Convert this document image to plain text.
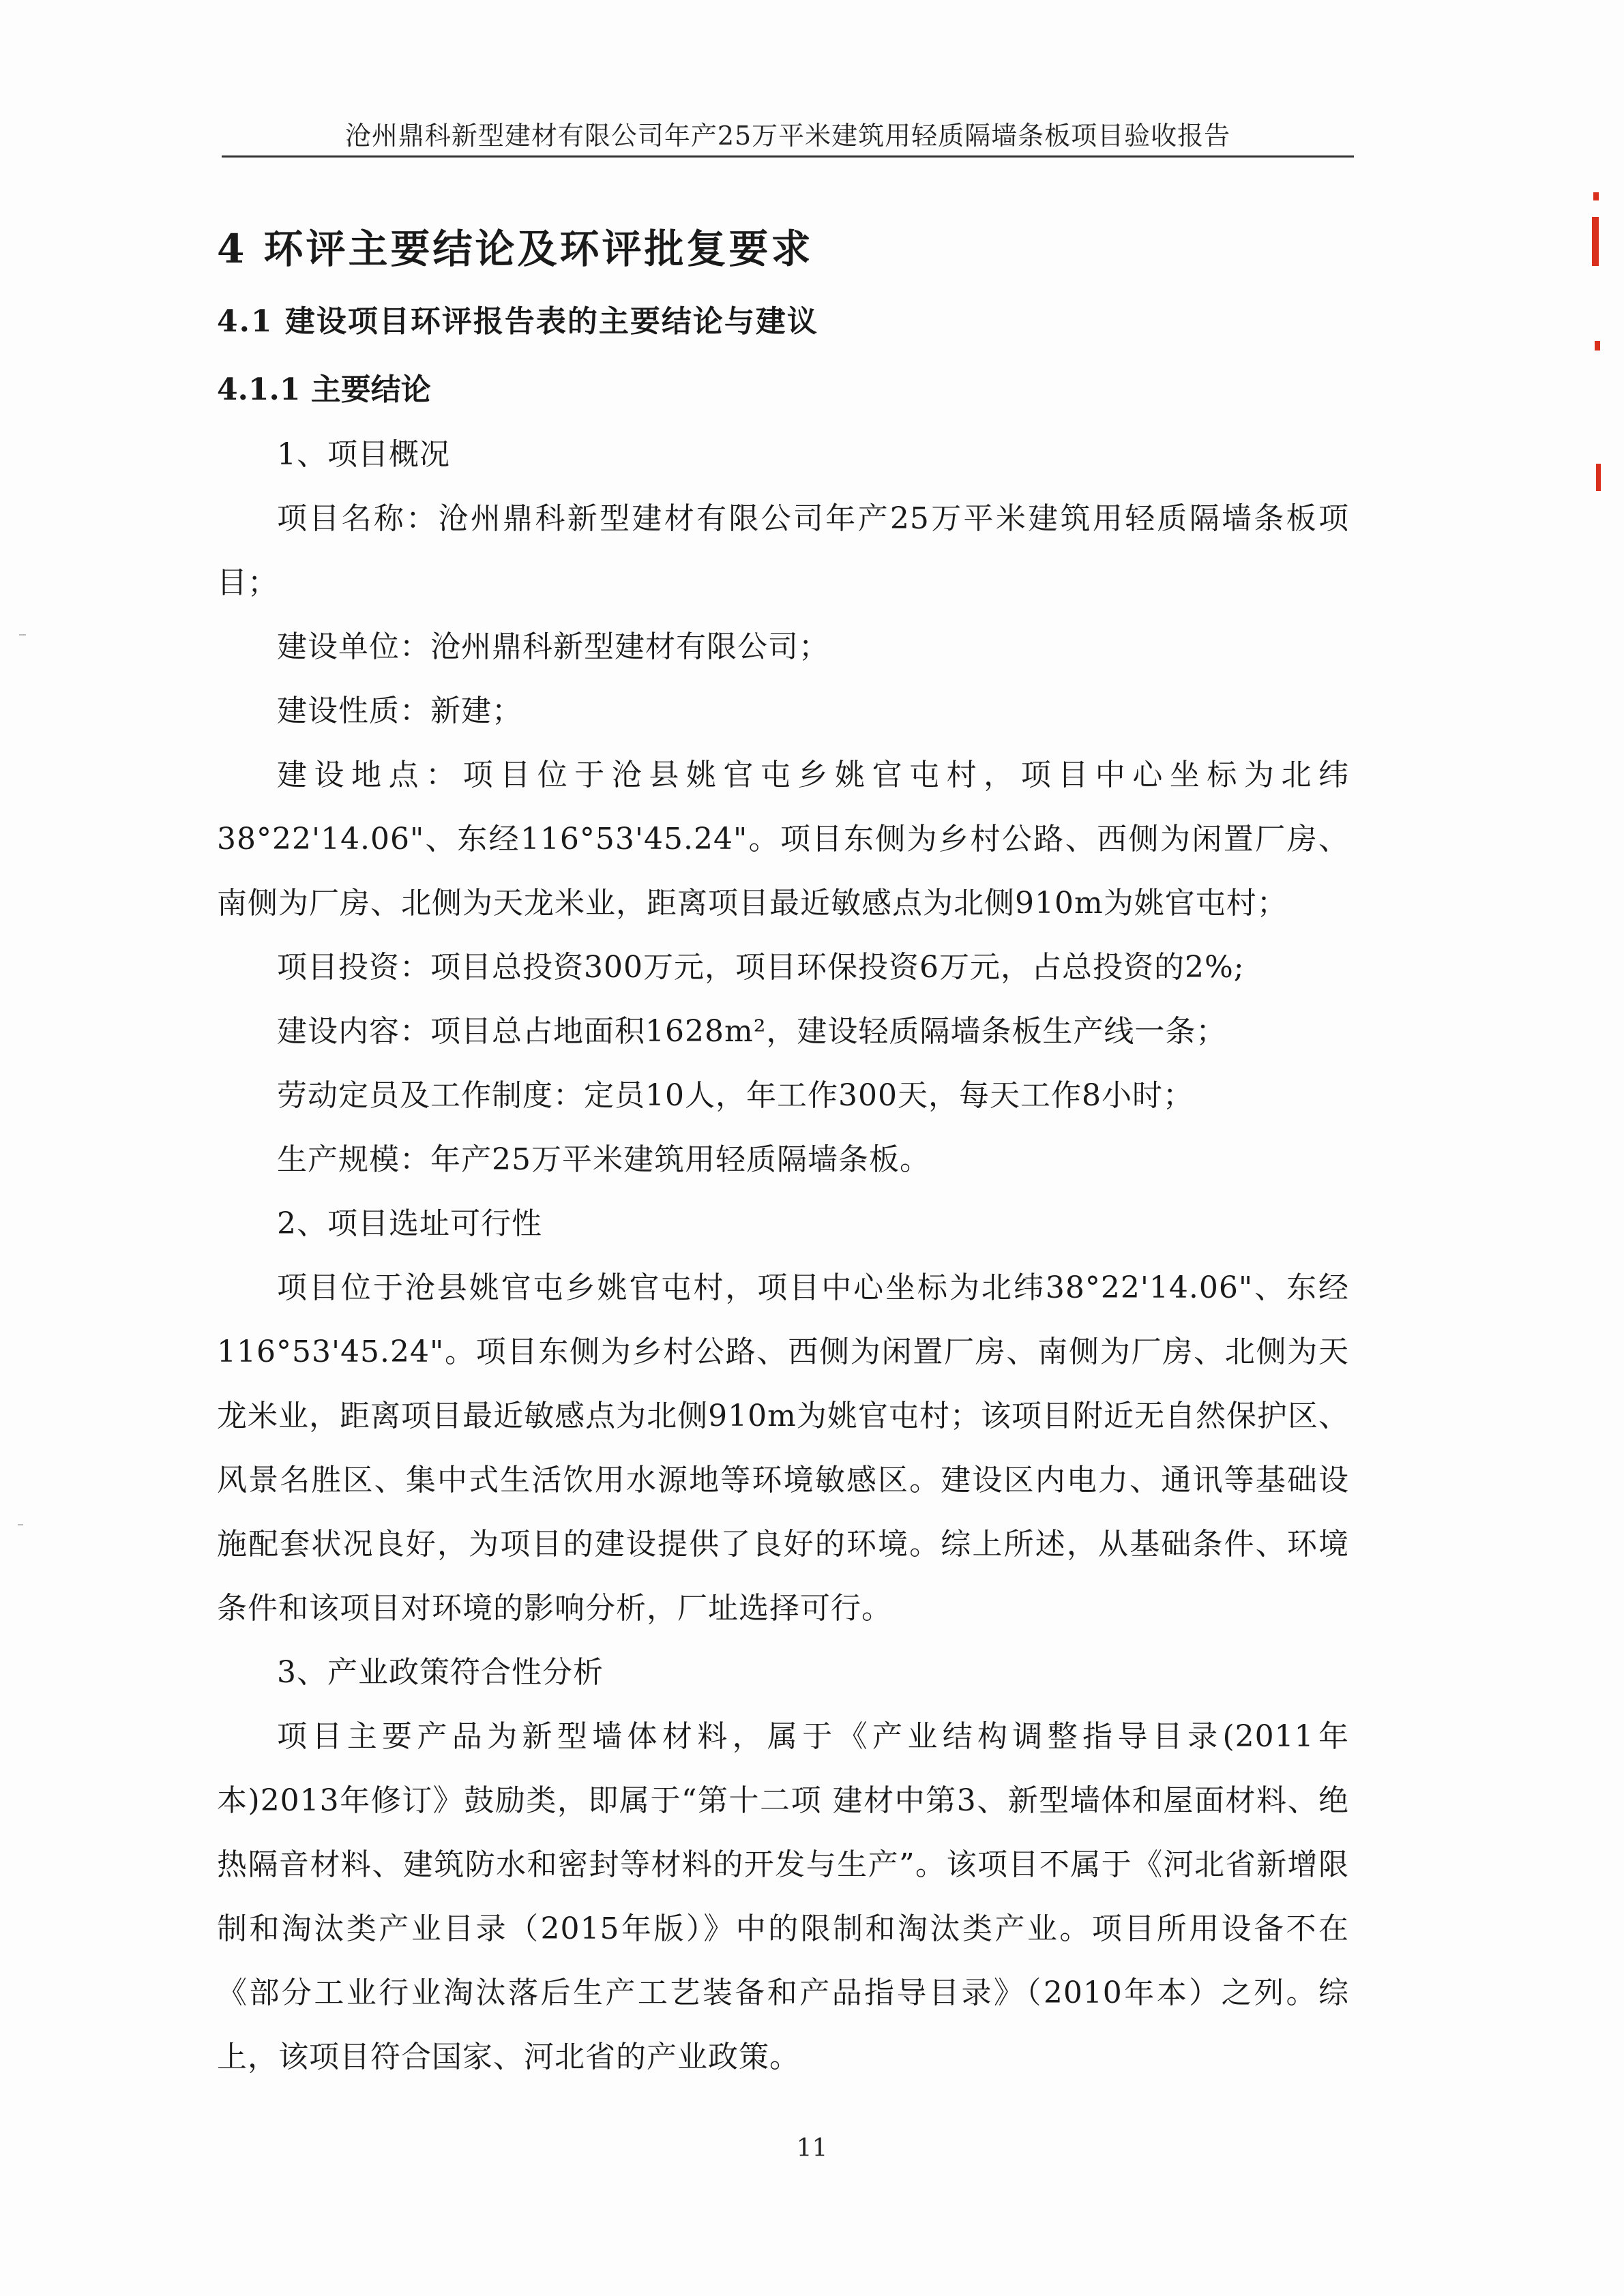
沧州鼎科新型建材有限公司年产25万平米建筑用轻质隔墙条板项目验收报告
4 环评主要结论及环评批复要求
4.1 建设项目环评报告表的主要结论与建议
4.1.1 主要结论

1、项目概况

项目名称：沧州鼎科新型建材有限公司年产25万平米建筑用轻质隔墙条板项目；

建设单位：沧州鼎科新型建材有限公司；

建设性质：新建；

建设地点：项目位于沧县姚官屯乡姚官屯村，项目中心坐标为北纬38°22'14.06"、东经116°53'45.24"。项目东侧为乡村公路、西侧为闲置厂房、南侧为厂房、北侧为天龙米业，距离项目最近敏感点为北侧910m为姚官屯村；

项目投资：项目总投资300万元，项目环保投资6万元，占总投资的2%;

建设内容：项目总占地面积1628m²，建设轻质隔墙条板生产线一条；

劳动定员及工作制度：定员10人，年工作300天，每天工作8小时；

生产规模：年产25万平米建筑用轻质隔墙条板。

2、项目选址可行性

项目位于沧县姚官屯乡姚官屯村，项目中心坐标为北纬38°22'14.06"、东经116°53'45.24"。项目东侧为乡村公路、西侧为闲置厂房、南侧为厂房、北侧为天龙米业，距离项目最近敏感点为北侧910m为姚官屯村；该项目附近无自然保护区、风景名胜区、集中式生活饮用水源地等环境敏感区。建设区内电力、通讯等基础设施配套状况良好，为项目的建设提供了良好的环境。综上所述，从基础条件、环境条件和该项目对环境的影响分析，厂址选择可行。

3、产业政策符合性分析

项目主要产品为新型墙体材料，属于《产业结构调整指导目录(2011年本)2013年修订》鼓励类，即属于“第十二项 建材中第3、新型墙体和屋面材料、绝热隔音材料、建筑防水和密封等材料的开发与生产”。该项目不属于《河北省新增限制和淘汰类产业目录（2015年版）》中的限制和淘汰类产业。项目所用设备不在《部分工业行业淘汰落后生产工艺装备和产品指导目录》（2010年本）之列。综上，该项目符合国家、河北省的产业政策。

11
